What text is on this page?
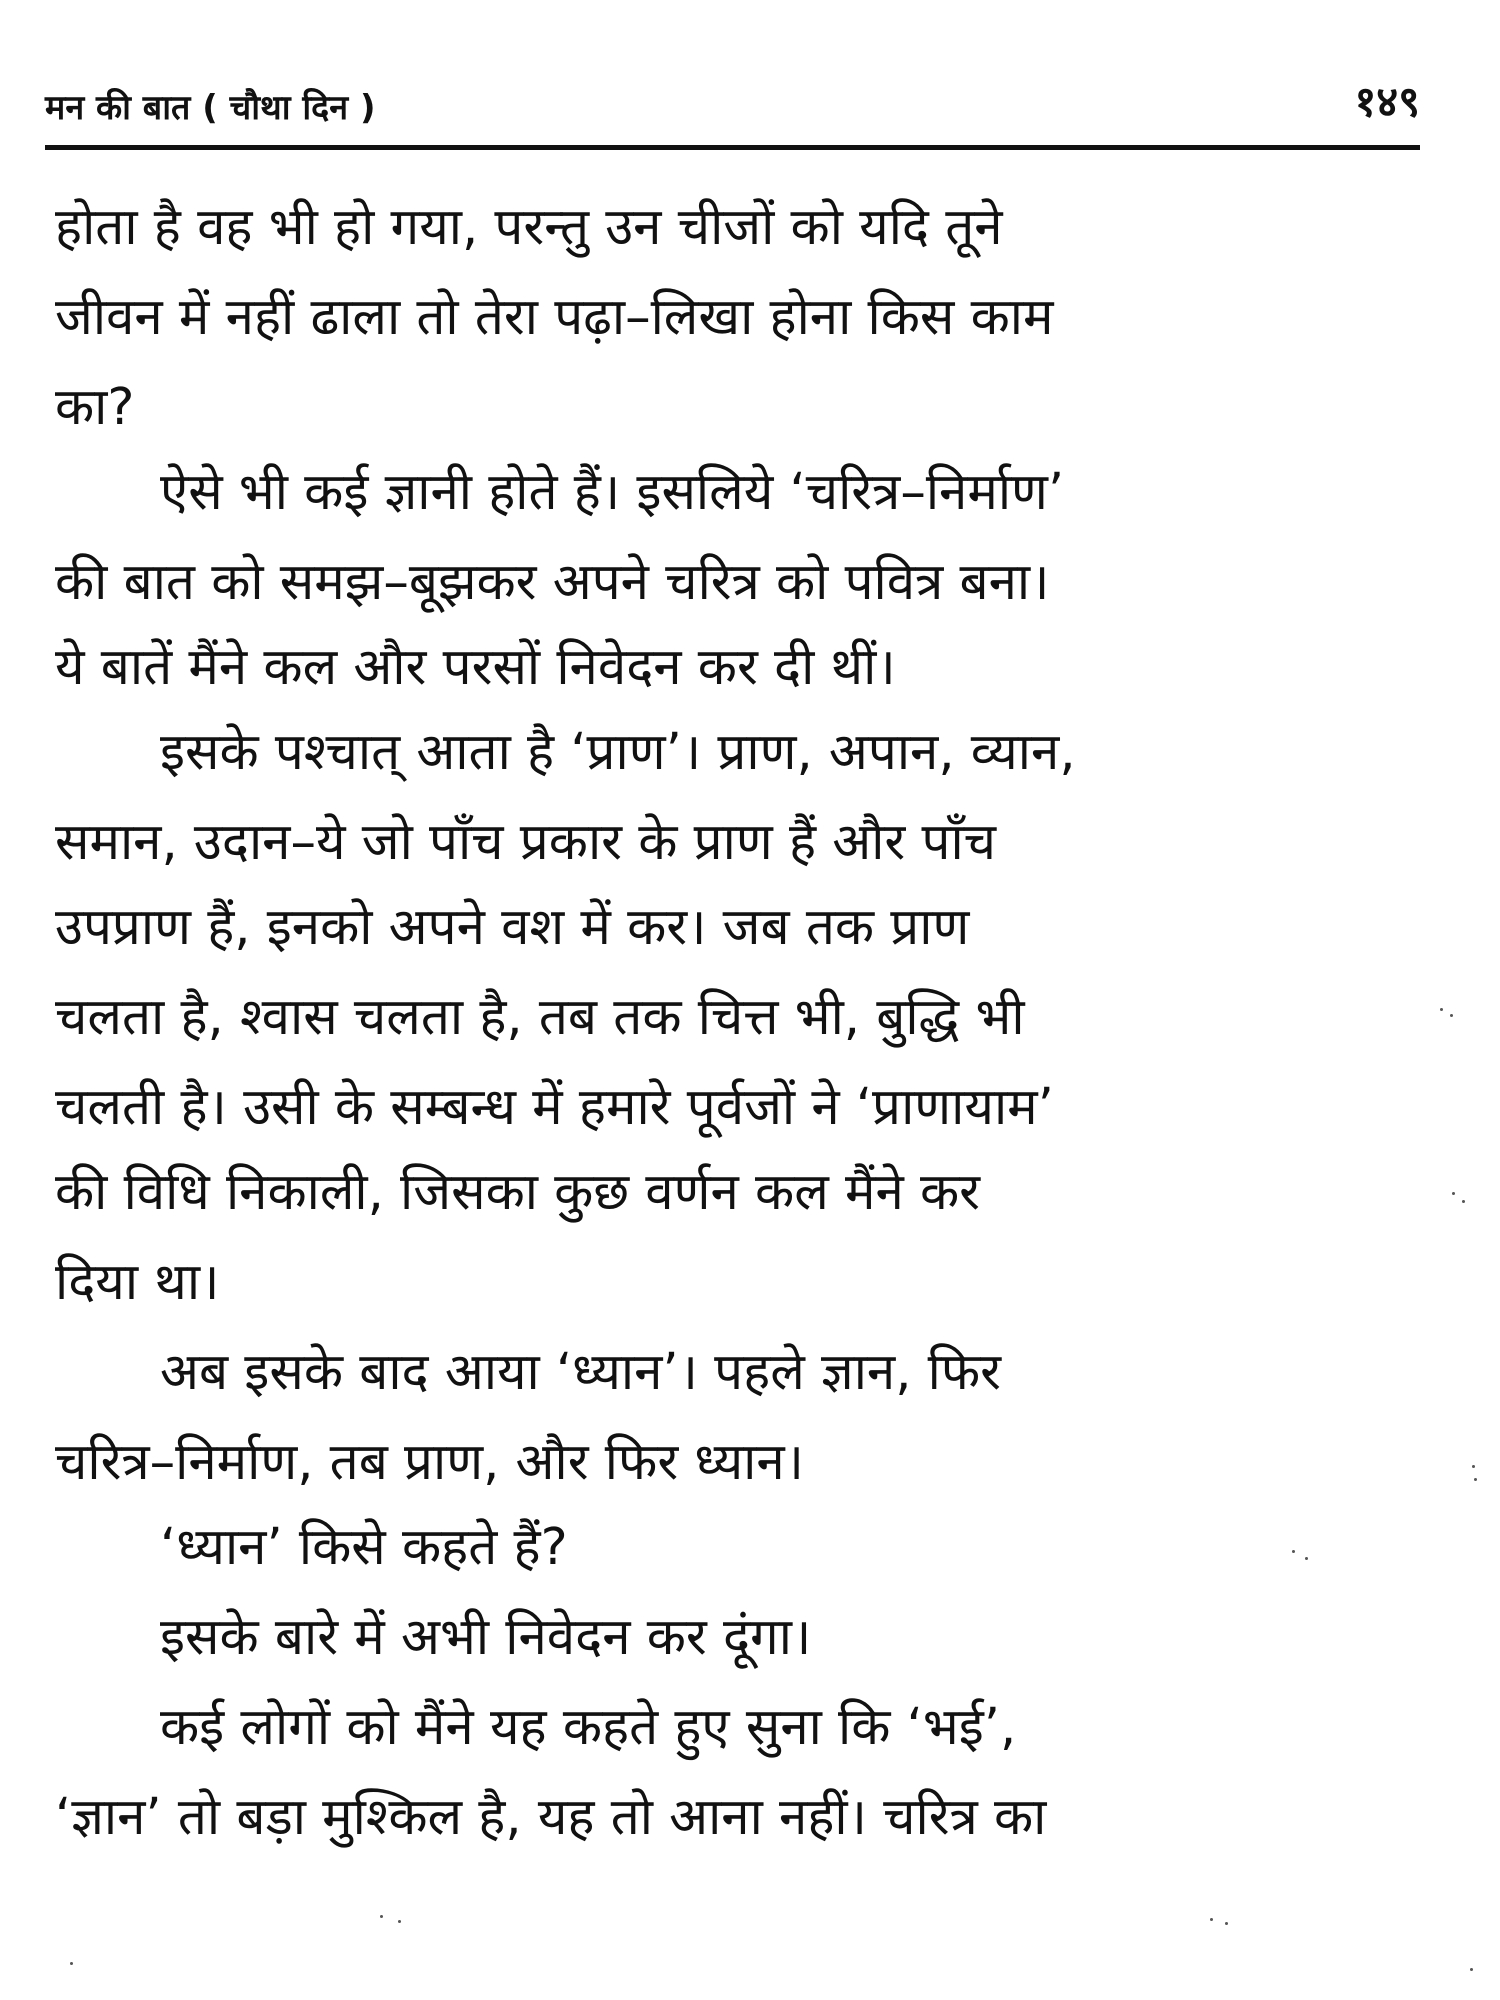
मन की बात ( चौथा दिन )	१४९
होता है वह भी हो गया, परन्तु उन चीजों को यदि तूने
जीवन में नहीं ढाला तो तेरा पढ़ा–लिखा होना किस काम
का?
ऐसे भी कई ज्ञानी होते हैं। इसलिये ‘चरित्र–निर्माण’
की बात को समझ–बूझकर अपने चरित्र को पवित्र बना।
ये बातें मैंने कल और परसों निवेदन कर दी थीं।
इसके पश्चात् आता है ‘प्राण’। प्राण, अपान, व्यान,
समान, उदान–ये जो पाँच प्रकार के प्राण हैं और पाँच
उपप्राण हैं, इनको अपने वश में कर। जब तक प्राण
चलता है, श्वास चलता है, तब तक चित्त भी, बुद्धि भी
चलती है। उसी के सम्बन्ध में हमारे पूर्वजों ने ‘प्राणायाम’
की विधि निकाली, जिसका कुछ वर्णन कल मैंने कर
दिया था।
अब इसके बाद आया ‘ध्यान’। पहले ज्ञान, फिर
चरित्र–निर्माण, तब प्राण, और फिर ध्यान।
‘ध्यान’ किसे कहते हैं?
इसके बारे में अभी निवेदन कर दूंगा।
कई लोगों को मैंने यह कहते हुए सुना कि ‘भई’,
‘ज्ञान’ तो बड़ा मुश्किल है, यह तो आना नहीं। चरित्र का
